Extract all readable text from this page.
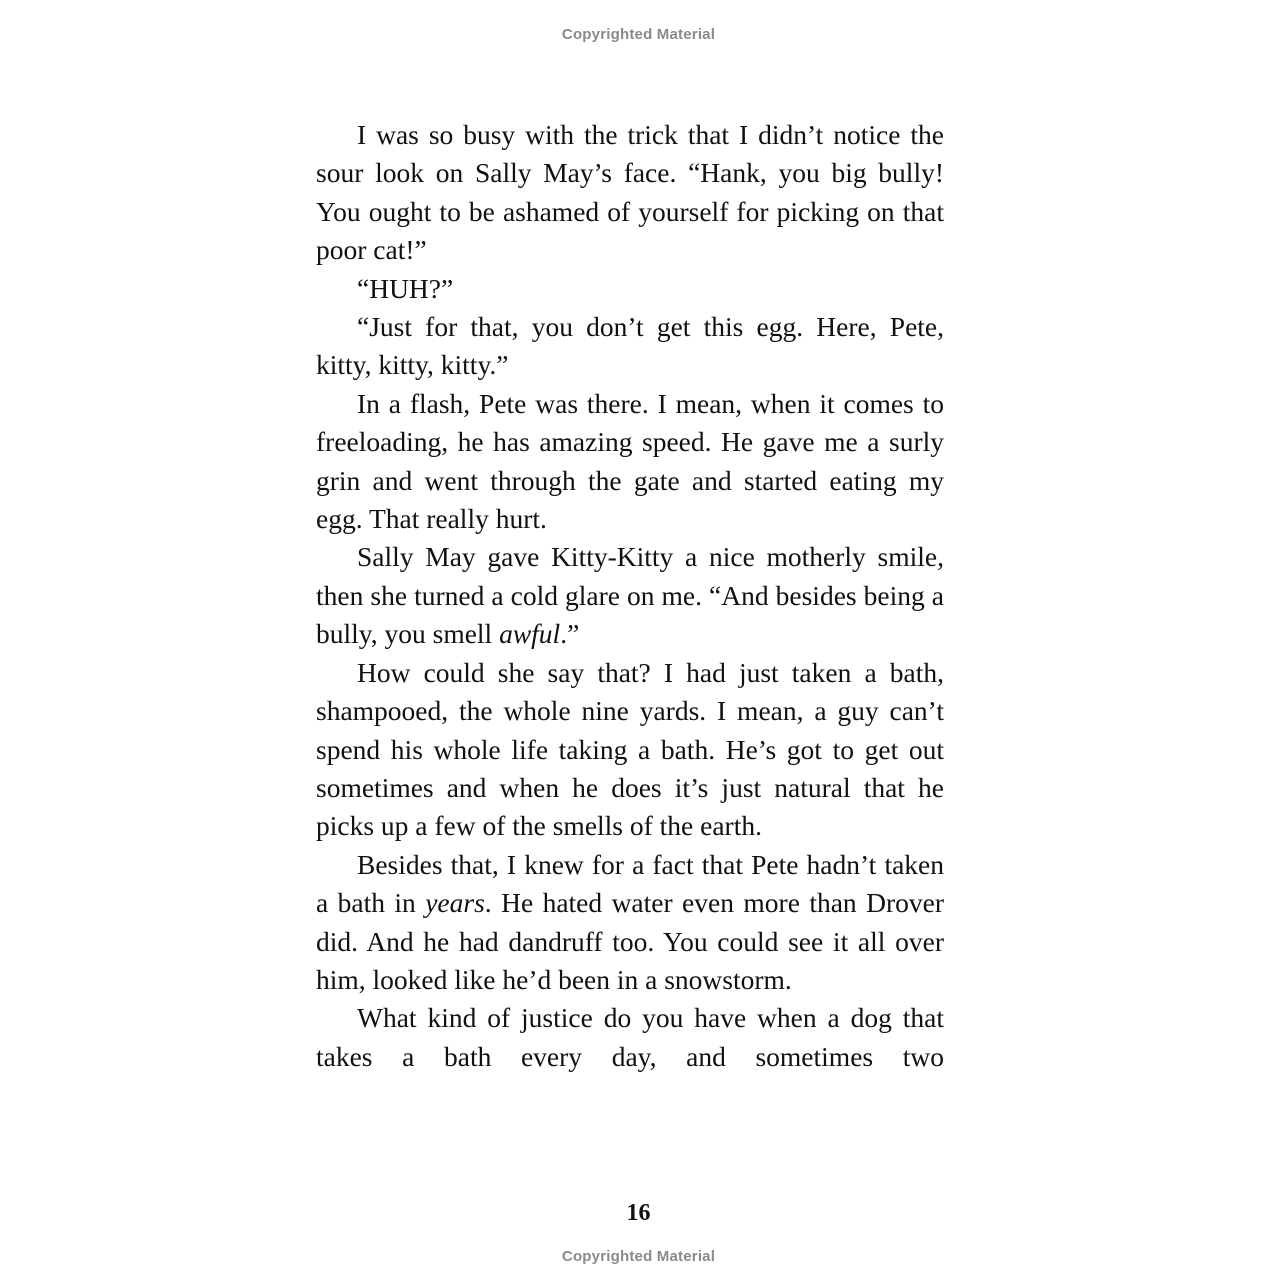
Copyrighted Material

I was so busy with the trick that I didn’t notice the sour look on Sally May’s face. “Hank, you big bully! You ought to be ashamed of yourself for picking on that poor cat!”

“HUH?”

“Just for that, you don’t get this egg. Here, Pete, kitty, kitty, kitty.”

In a flash, Pete was there. I mean, when it comes to freeloading, he has amazing speed. He gave me a surly grin and went through the gate and started eating my egg. That really hurt.

Sally May gave Kitty-Kitty a nice motherly smile, then she turned a cold glare on me. “And besides being a bully, you smell awful.”

How could she say that? I had just taken a bath, shampooed, the whole nine yards. I mean, a guy can’t spend his whole life taking a bath. He’s got to get out sometimes and when he does it’s just natural that he picks up a few of the smells of the earth.

Besides that, I knew for a fact that Pete hadn’t taken a bath in years. He hated water even more than Drover did. And he had dandruff too. You could see it all over him, looked like he’d been in a snowstorm.

What kind of justice do you have when a dog that takes a bath every day, and sometimes two

16
Copyrighted Material
